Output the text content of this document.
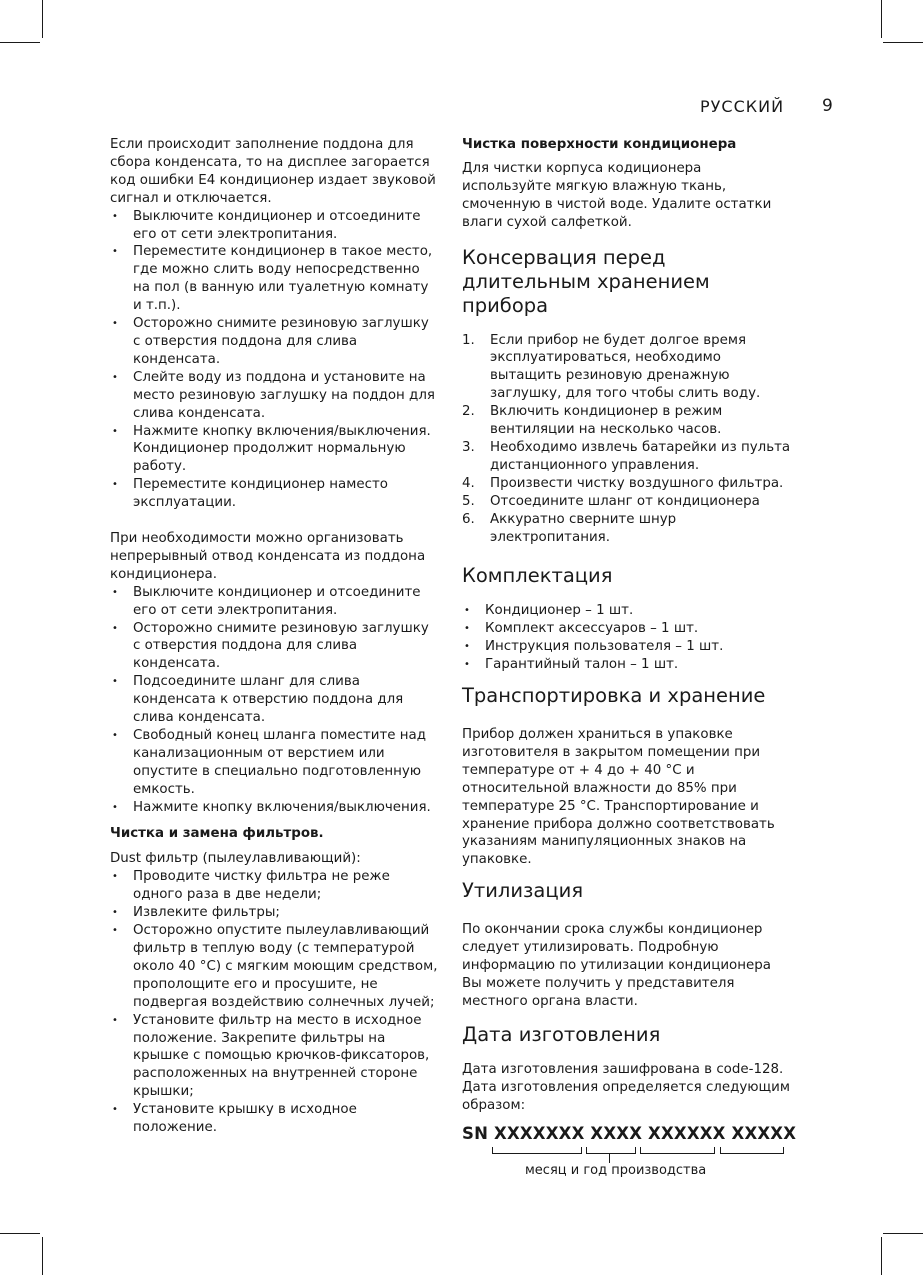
РУССКИЙ 9

Если происходит заполнение поддона для сбора конденсата, то на дисплее загорается код ошибки E4 кондиционер издает звуковой сигнал и отключается.

• Выключите кондиционер и отсоедините его от сети электропитания.
• Переместите кондиционер в такое место, где можно слить воду непосредственно на пол (в ванную или туалетную комнату и т.п.).
• Осторожно снимите резиновую заглушку с отверстия поддона для слива конденсата.
• Слейте воду из поддона и установите на место резиновую заглушку на поддон для слива конденсата.
• Нажмите кнопку включения/выключения. Кондиционер продолжит нормальную работу.
• Переместите кондиционер наместо эксплуатации.

При необходимости можно организовать непрерывный отвод конденсата из поддона кондиционера.

• Выключите кондиционер и отсоедините его от сети электропитания.
• Осторожно снимите резиновую заглушку с отверстия поддона для слива конденсата.
• Подсоедините шланг для слива конденсата к отверстию поддона для слива конденсата.
• Свободный конец шланга поместите над канализационным от верстием или опустите в специально подготовленную емкость.
• Нажмите кнопку включения/выключения.

Чистка и замена фильтров.

Dust фильтр (пылеулавливающий):

• Проводите чистку фильтра не реже одного раза в две недели;
• Извлеките фильтры;
• Осторожно опустите пылеулавливающий фильтр в теплую воду (с температурой около 40 °С) с мягким моющим средством, прополощите его и просушите, не подвергая воздействию солнечных лучей;
• Установите фильтр на место в исходное положение. Закрепите фильтры на крышке с помощью крючков-фиксаторов, расположенных на внутренней стороне крышки;
• Установите крышку в исходное положение.

Чистка поверхности кондиционера

Для чистки корпуса кодиционера используйте мягкую влажную ткань, смоченную в чистой воде. Удалите остатки влаги сухой салфеткой.

Консервация перед длительным хранением прибора
1. Если прибор не будет долгое время эксплуатироваться, необходимо вытащить резиновую дренажную заглушку, для того чтобы слить воду.
2. Включить кондиционер в режим вентиляции на несколько часов.
3. Необходимо извлечь батарейки из пульта дистанционного управления.
4. Произвести чистку воздушного фильтра.
5. Отсоедините шланг от кондиционера
6. Аккуратно сверните шнур электропитания.
Комплектация
• Кондиционер – 1 шт.
• Комплект аксессуаров – 1 шт.
• Инструкция пользователя – 1 шт.
• Гарантийный талон – 1 шт.
Транспортировка и хранение

Прибор должен храниться в упаковке изготовителя в закрытом помещении при температуре от + 4 до + 40 °С и относительной влажности до 85% при температуре 25 °С. Транспортирование и хранение прибора должно соответствовать указаниям манипуляционных знаков на упаковке.

Утилизация

По окончании срока службы кондиционер следует утилизировать. Подробную информацию по утилизации кондиционера Вы можете получить у представителя местного органа власти.

Дата изготовления

Дата изготовления зашифрована в code-128. Дата изготовления определяется следующим образом:

SN XXXXXXX XXXX XXXXXX XXXXX
месяц и год производства
